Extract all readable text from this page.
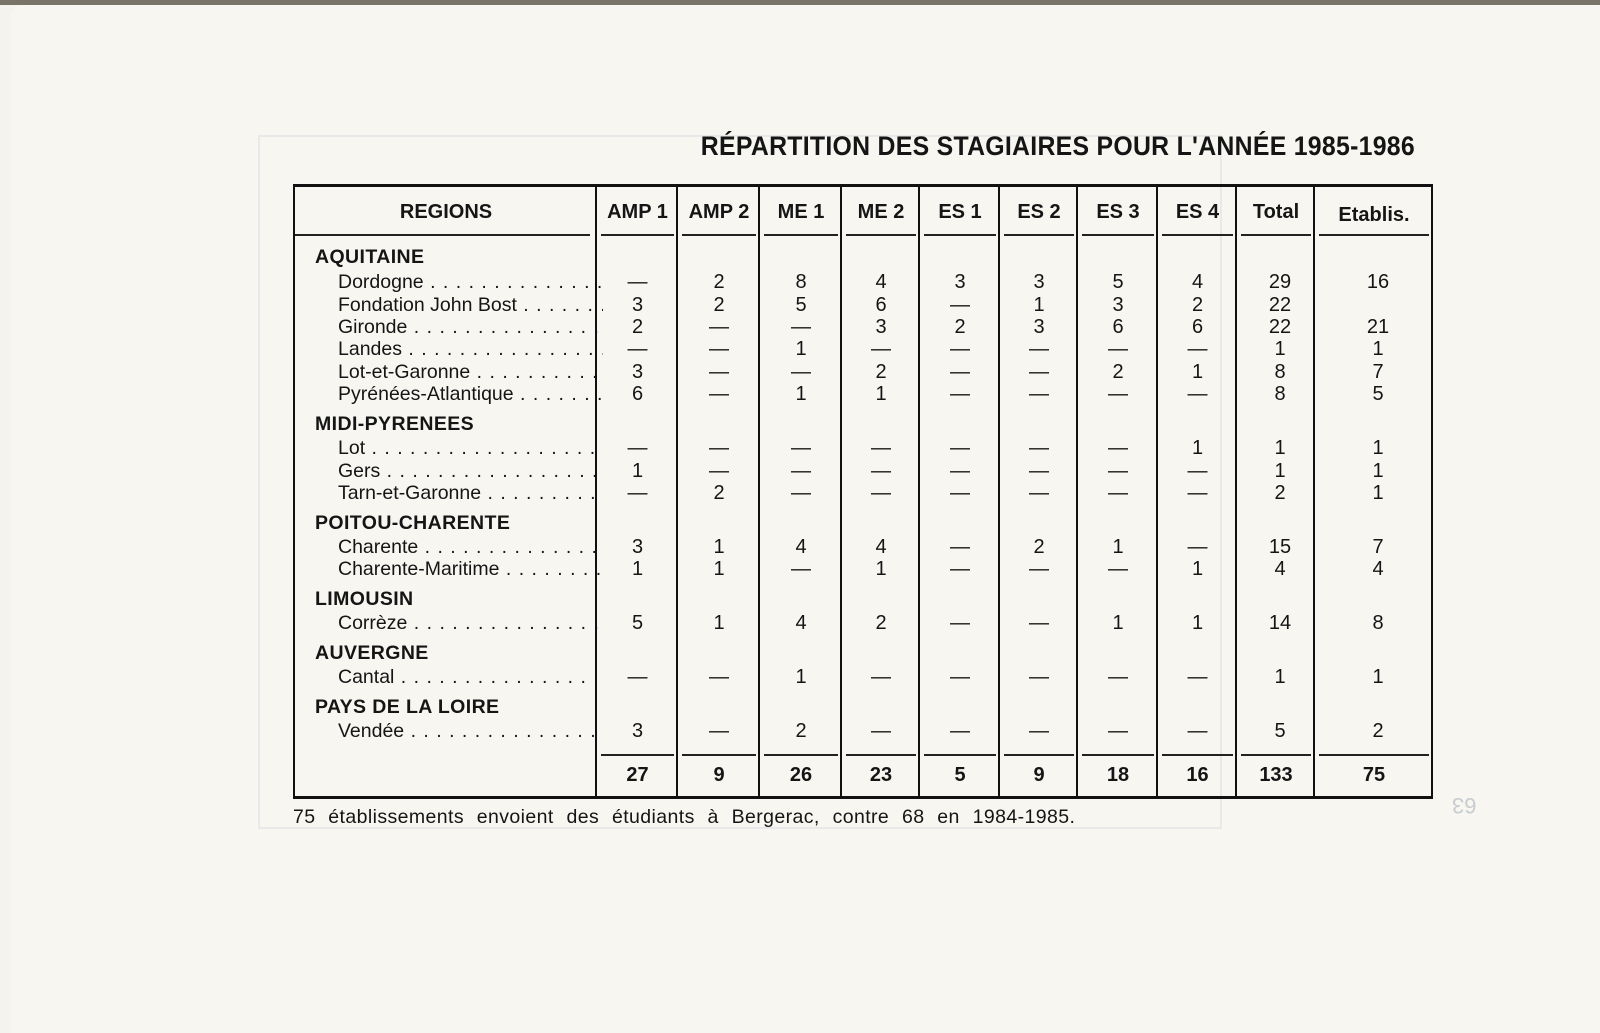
63
RÉPARTITION DES STAGIAIRES POUR L'ANNÉE 1985-1986
AQUITAINE
Dordogne . . .	—	2	8	4	3	3	5	4	29	16
Fondation John Bost . . .	3	2	5	6	—	1	3	2	22
Gironde . . .	2	—	—	3	2	3	6	6	22	21
Landes . . .	—	—	1	—	—	—	—	—	1	1
Lot-et-Garonne . . .	3	—	—	2	—	—	2	1	8	7
Pyrénées-Atlantique . . .	6	—	1	1	—	—	—	—	8	5
MIDI-PYRENEES
Lot . . .	—	—	—	—	—	—	—	1	1	1
Gers . . .	1	—	—	—	—	—	—	—	1	1
Tarn-et-Garonne . . .	—	2	—	—	—	—	—	—	2	1
POITOU-CHARENTE
Charente . . .	3	1	4	4	—	2	1	—	15	7
Charente-Maritime . . .	1	1	—	1	—	—	—	1	4	4
LIMOUSIN
Corrèze . . .	5	1	4	2	—	—	1	1	14	8
AUVERGNE
Cantal . . .	—	—	1	—	—	—	—	—	1	1
PAYS DE LA LOIRE
Vendée . . .	3	—	2	—	—	—	—	—	5	2
27	9	26	23	5	9	18	16	133	75
REGIONS	AMP 1	AMP 2	ME 1	ME 2	ES 1	ES 2	ES 3	ES 4	Total	Etablis.
75 établissements envoient des étudiants à Bergerac, contre 68 en 1984-1985.
